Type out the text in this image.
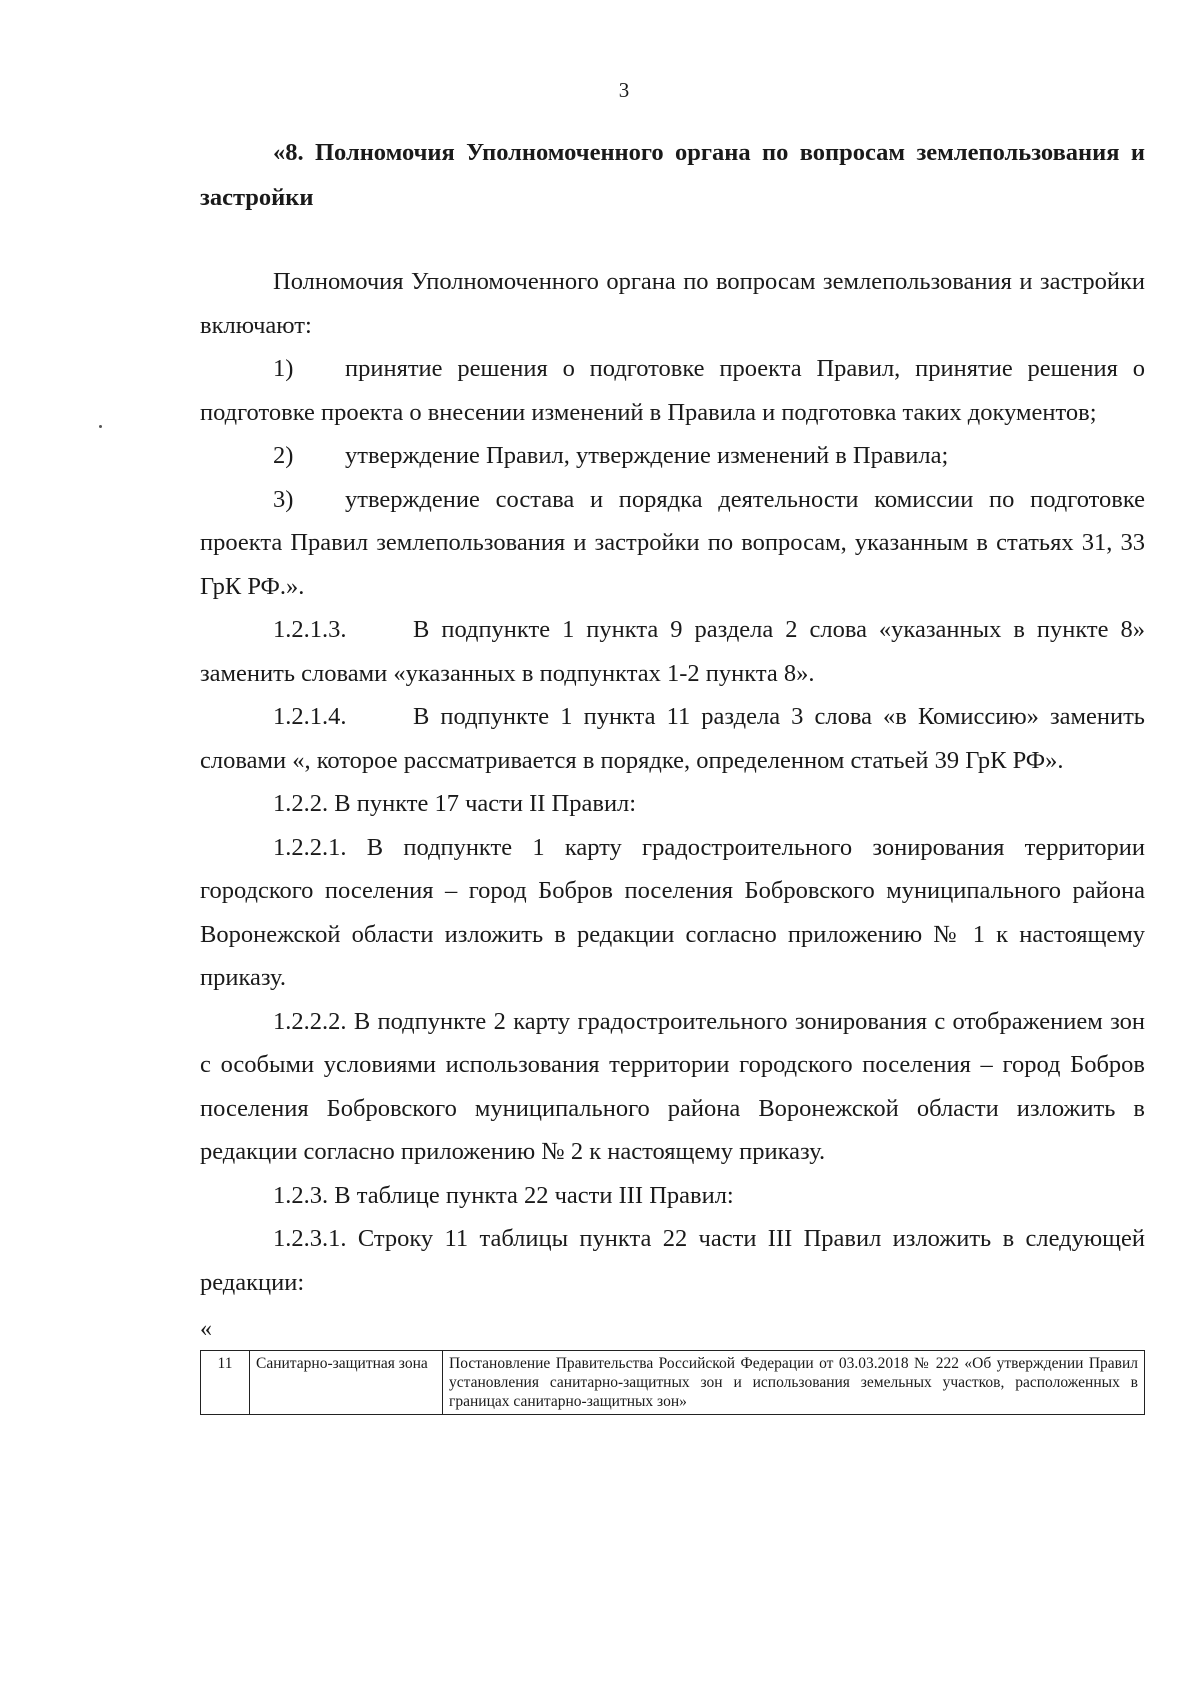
3

«8. Полномочия Уполномоченного органа по вопросам землепользования и застройки

Полномочия Уполномоченного органа по вопросам землепользования и застройки включают:

1) принятие решения о подготовке проекта Правил, принятие решения о подготовке проекта о внесении изменений в Правила и подготовка таких документов;

2) утверждение Правил, утверждение изменений в Правила;

3) утверждение состава и порядка деятельности комиссии по подготовке проекта Правил землепользования и застройки по вопросам, указанным в статьях 31, 33 ГрК РФ.».

1.2.1.3.	В подпункте 1 пункта 9 раздела 2 слова «указанных в пункте 8» заменить словами «указанных в подпунктах 1-2 пункта 8».

1.2.1.4.	В подпункте 1 пункта 11 раздела 3 слова «в Комиссию» заменить словами «, которое рассматривается в порядке, определенном статьей 39 ГрК РФ».

1.2.2. В пункте 17 части II Правил:

1.2.2.1. В подпункте 1 карту градостроительного зонирования территории городского поселения – город Бобров поселения Бобровского муниципального района Воронежской области изложить в редакции согласно приложению № 1 к настоящему приказу.

1.2.2.2. В подпункте 2 карту градостроительного зонирования с отображением зон с особыми условиями использования территории городского поселения – город Бобров поселения Бобровского муниципального района Воронежской области изложить в редакции согласно приложению № 2 к настоящему приказу.

1.2.3. В таблице пункта 22 части III Правил:

1.2.3.1. Строку 11 таблицы пункта 22 части III Правил изложить в следующей редакции:

«

11	Санитарно-защитная зона	Постановление Правительства Российской Федерации от 03.03.2018 № 222 «Об утверждении Правил установления санитарно-защитных зон и использования земельных участков, расположенных в границах санитарно-защитных зон»
